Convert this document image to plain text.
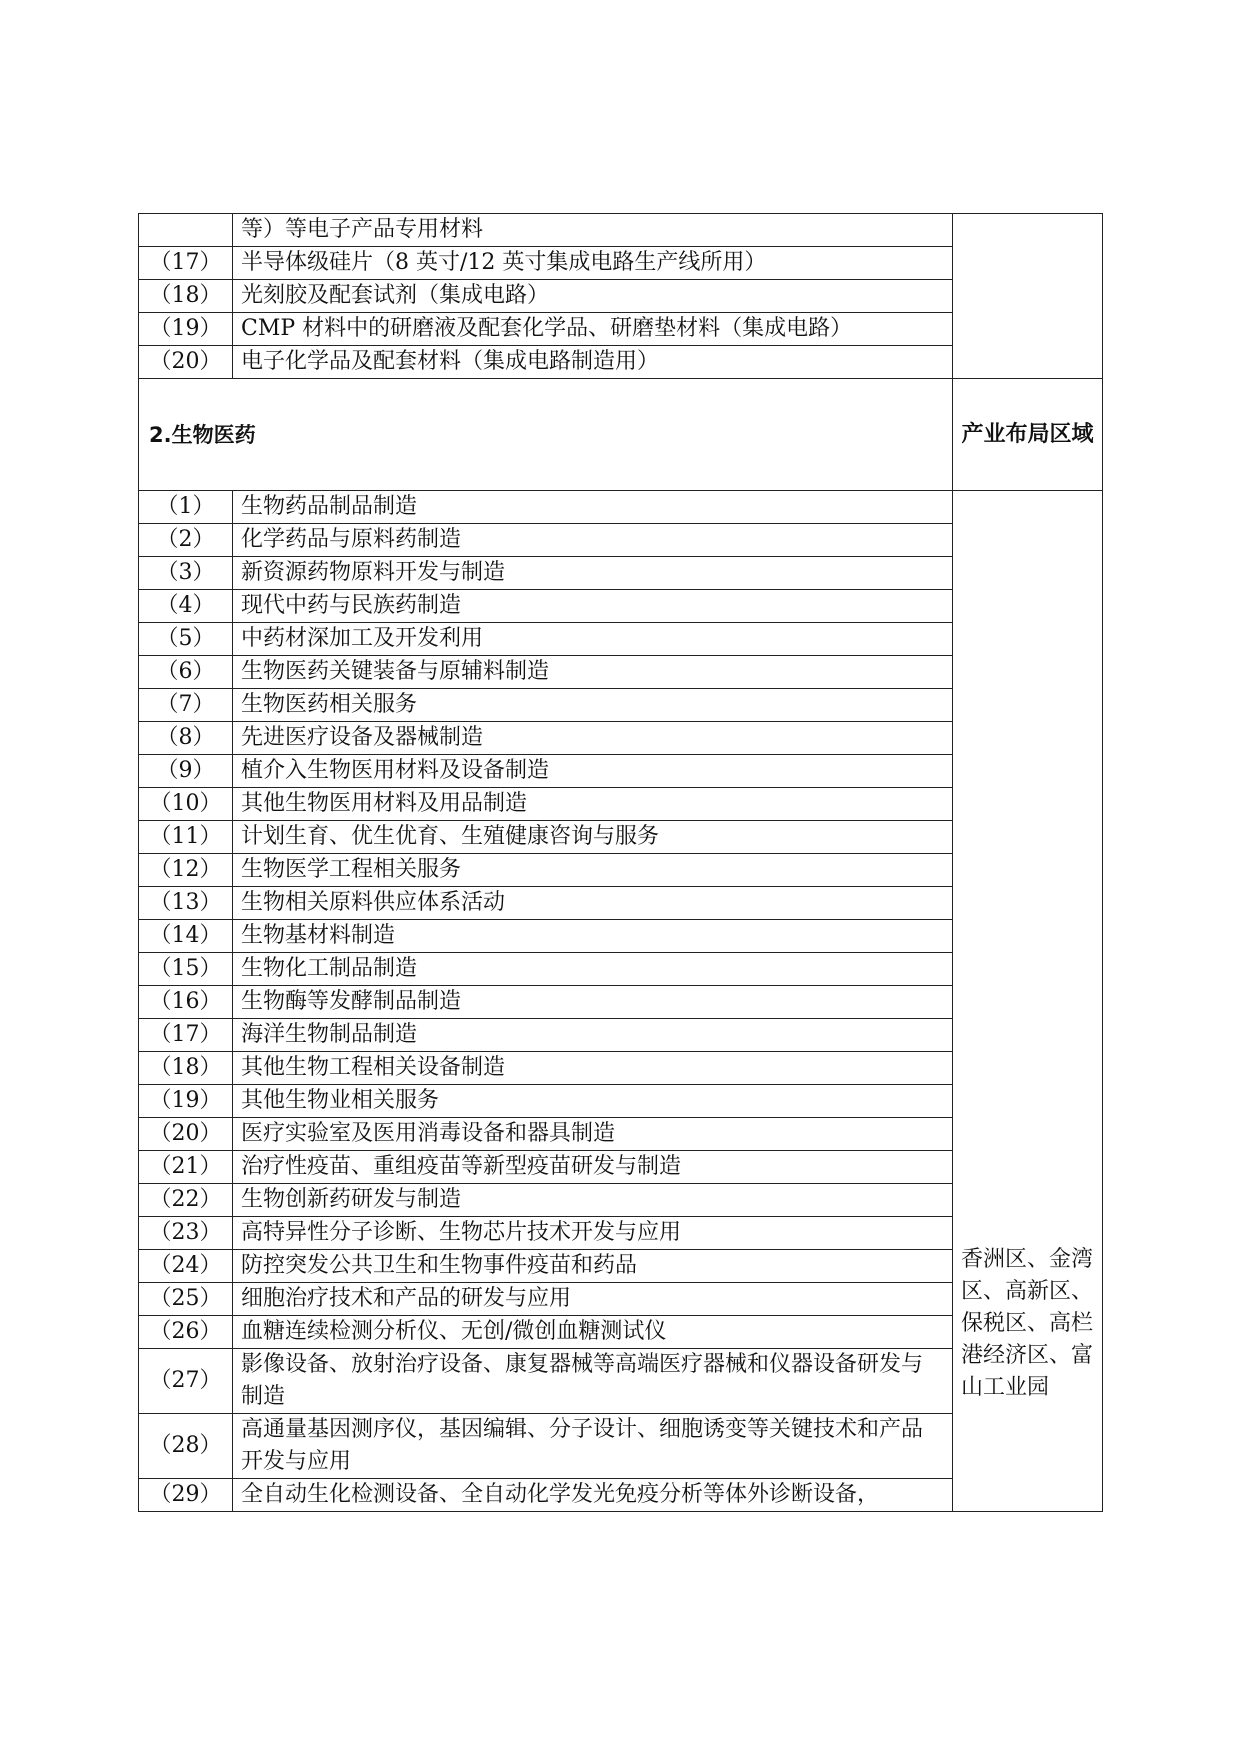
	等）等电子产品专用材料	
（17）	半导体级硅片（8 英寸/12 英寸集成电路生产线所用）	
（18）	光刻胶及配套试剂（集成电路）	
（19）	CMP 材料中的研磨液及配套化学品、研磨垫材料（集成电路）	
（20）	电子化学品及配套材料（集成电路制造用）	
2.生物医药		产业布局区域
（1）	生物药品制品制造	香洲区、金湾区、高新区、保税区、高栏港经济区、富山工业园

（2）	化学药品与原料药制造	
（3）	新资源药物原料开发与制造	
（4）	现代中药与民族药制造	
（5）	中药材深加工及开发利用	
（6）	生物医药关键装备与原辅料制造	
（7）	生物医药相关服务	
（8）	先进医疗设备及器械制造	
（9）	植介入生物医用材料及设备制造	
（10）	其他生物医用材料及用品制造	
（11）	计划生育、优生优育、生殖健康咨询与服务	
（12）	生物医学工程相关服务	
（13）	生物相关原料供应体系活动	
（14）	生物基材料制造	
（15）	生物化工制品制造	
（16）	生物酶等发酵制品制造	
（17）	海洋生物制品制造	
（18）	其他生物工程相关设备制造	
（19）	其他生物业相关服务	
（20）	医疗实验室及医用消毒设备和器具制造	
（21）	治疗性疫苗、重组疫苗等新型疫苗研发与制造	
（22）	生物创新药研发与制造	
（23）	高特异性分子诊断、生物芯片技术开发与应用	
（24）	防控突发公共卫生和生物事件疫苗和药品	
（25）	细胞治疗技术和产品的研发与应用	
（26）	血糖连续检测分析仪、无创/微创血糖测试仪	
（27）	影像设备、放射治疗设备、康复器械等高端医疗器械和仪器设备研发与制造	
（28）	高通量基因测序仪，基因编辑、分子设计、细胞诱变等关键技术和产品开发与应用	
（29）	全自动生化检测设备、全自动化学发光免疫分析等体外诊断设备，	
